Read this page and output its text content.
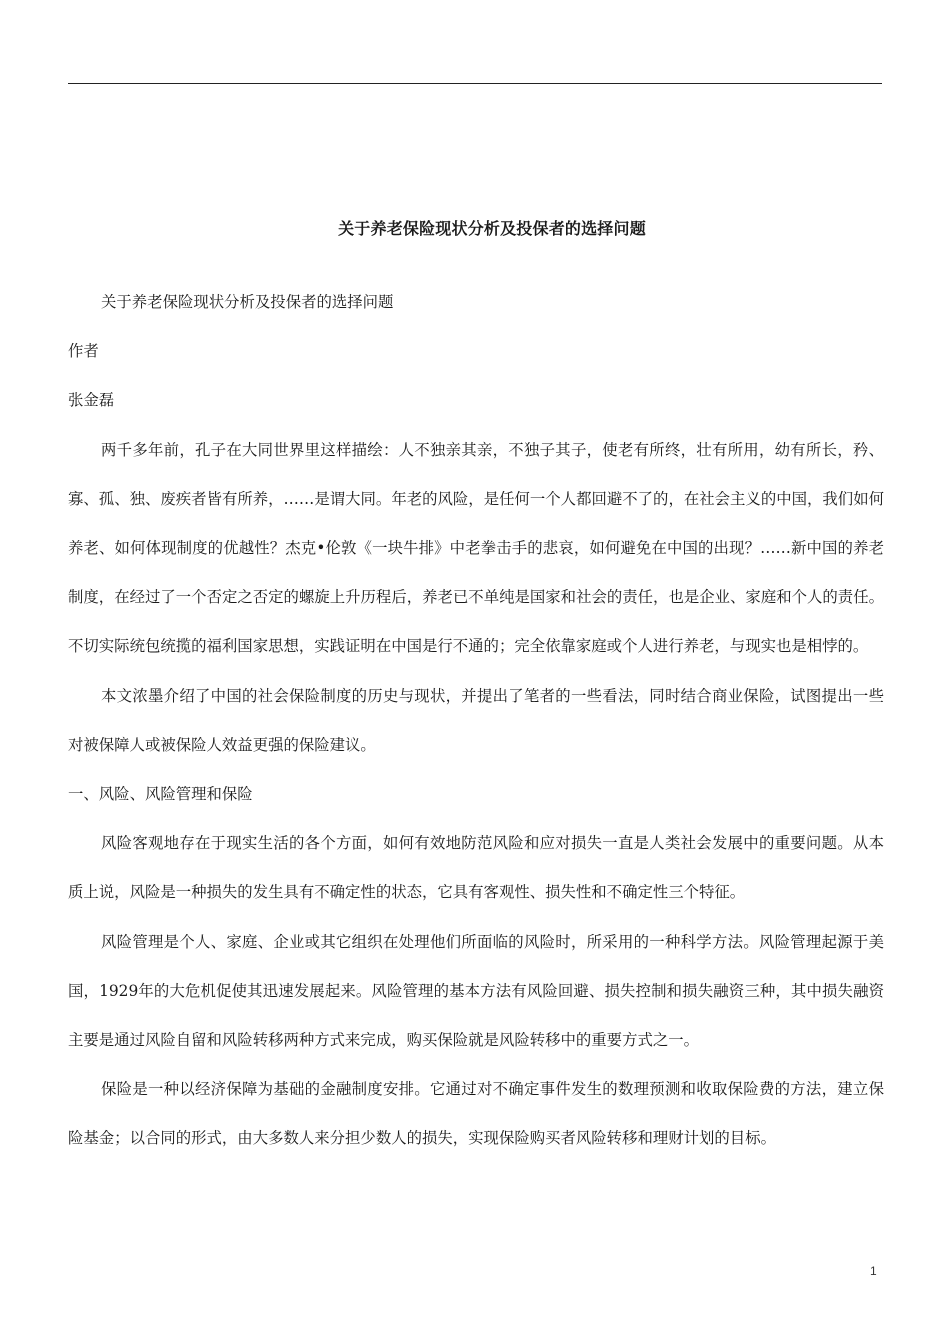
关于养老保险现状分析及投保者的选择问题

关于养老保险现状分析及投保者的选择问题

作者

张金磊

两千多年前，孔子在大同世界里这样描绘：人不独亲其亲，不独子其子，使老有所终，壮有所用，幼有所长，矜、寡、孤、独、废疾者皆有所养，……是谓大同。年老的风险，是任何一个人都回避不了的，在社会主义的中国，我们如何养老、如何体现制度的优越性？杰克•伦敦《一块牛排》中老拳击手的悲哀，如何避免在中国的出现？……新中国的养老制度，在经过了一个否定之否定的螺旋上升历程后，养老已不单纯是国家和社会的责任，也是企业、家庭和个人的责任。不切实际统包统揽的福利国家思想，实践证明在中国是行不通的；完全依靠家庭或个人进行养老，与现实也是相悖的。

本文浓墨介绍了中国的社会保险制度的历史与现状，并提出了笔者的一些看法，同时结合商业保险，试图提出一些对被保障人或被保险人效益更强的保险建议。

一、风险、风险管理和保险

风险客观地存在于现实生活的各个方面，如何有效地防范风险和应对损失一直是人类社会发展中的重要问题。从本质上说，风险是一种损失的发生具有不确定性的状态，它具有客观性、损失性和不确定性三个特征。

风险管理是个人、家庭、企业或其它组织在处理他们所面临的风险时，所采用的一种科学方法。风险管理起源于美国，1929年的大危机促使其迅速发展起来。风险管理的基本方法有风险回避、损失控制和损失融资三种，其中损失融资主要是通过风险自留和风险转移两种方式来完成，购买保险就是风险转移中的重要方式之一。

保险是一种以经济保障为基础的金融制度安排。它通过对不确定事件发生的数理预测和收取保险费的方法，建立保险基金；以合同的形式，由大多数人来分担少数人的损失，实现保险购买者风险转移和理财计划的目标。

1
